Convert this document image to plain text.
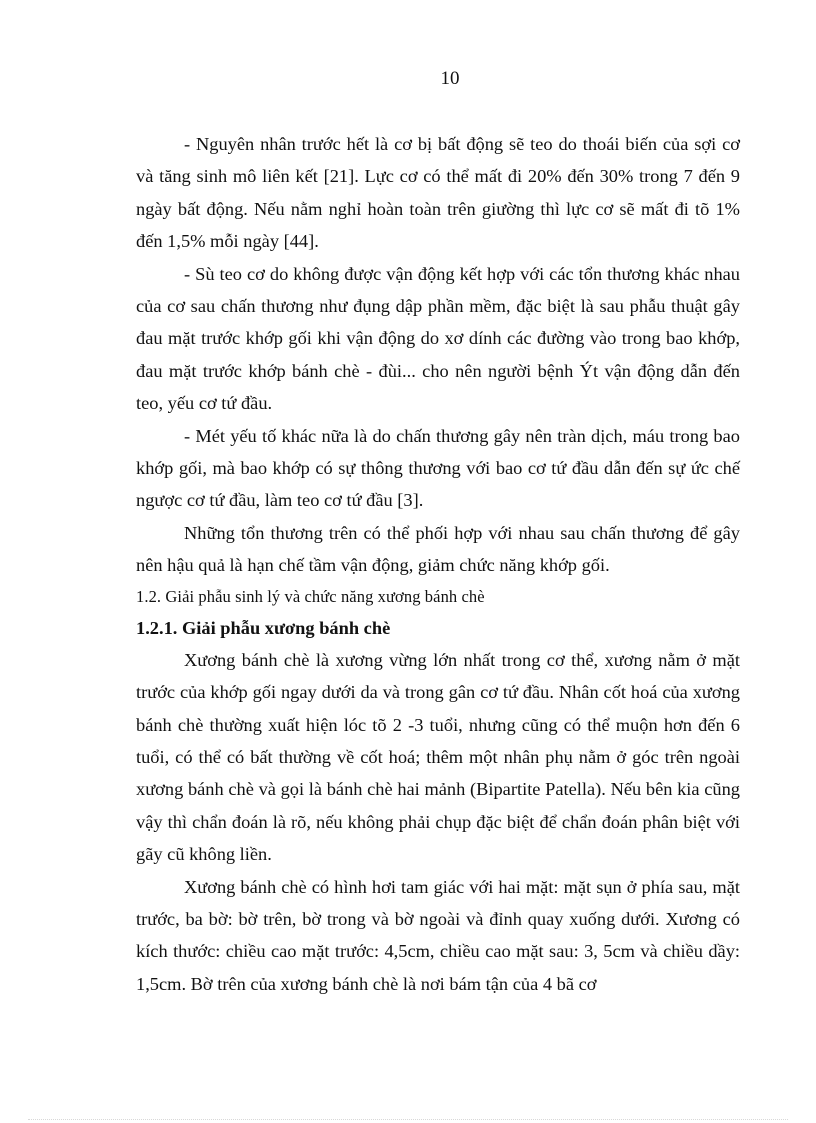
10

- Nguyên nhân trước hết là cơ bị bất động sẽ teo do thoái biến của sợi cơ và tăng sinh mô liên kết [21]. Lực cơ có thể mất đi 20% đến 30% trong 7 đến 9 ngày bất động. Nếu nằm nghỉ hoàn toàn trên giường thì lực cơ sẽ mất đi tõ 1% đến 1,5% mỗi ngày [44].

- Sù teo cơ do không được vận động kết hợp với các tổn thương khác nhau của cơ sau chấn thương như đụng dập phần mềm, đặc biệt là sau phẫu thuật gây đau mặt trước khớp gối khi vận động do xơ dính các đường vào trong bao khớp, đau mặt trước khớp bánh chè - đùi... cho nên người bệnh Ýt vận động dẫn đến teo, yếu cơ tứ đầu.

- Mét yếu tố khác nữa là do chấn thương gây nên tràn dịch, máu trong bao khớp gối, mà bao khớp có sự thông thương với bao cơ tứ đầu dẫn đến sự ức chế ngược cơ tứ đầu, làm teo cơ tứ đầu [3].

Những tổn thương trên có thể phối hợp với nhau sau chấn thương để gây nên hậu quả là hạn chế tầm vận động, giảm chức năng khớp gối.

1.2. Giải phẫu sinh lý và chức năng xương bánh chè

1.2.1. Giải phẫu xương bánh chè

Xương bánh chè là xương vừng lớn nhất trong cơ thể, xương nằm ở mặt trước của khớp gối ngay dưới da và trong gân cơ tứ đầu. Nhân cốt hoá của xương bánh chè thường xuất hiện lóc tõ 2 -3 tuổi, nhưng cũng có thể muộn hơn đến 6 tuổi, có thể có bất thường về cốt hoá; thêm một nhân phụ nằm ở góc trên ngoài xương bánh chè và gọi là bánh chè hai mảnh (Bipartite Patella). Nếu bên kia cũng vậy thì chẩn đoán là rõ, nếu không phải chụp đặc biệt để chẩn đoán phân biệt với gãy cũ không liền.

Xương bánh chè có hình hơi tam giác với hai mặt: mặt sụn ở phía sau, mặt trước, ba bờ: bờ trên, bờ trong và bờ ngoài và đỉnh quay xuống dưới. Xương có kích thước: chiều cao mặt trước: 4,5cm, chiều cao mặt sau: 3, 5cm và chiều dầy: 1,5cm. Bờ trên của xương bánh chè là nơi bám tận của 4 bã cơ
